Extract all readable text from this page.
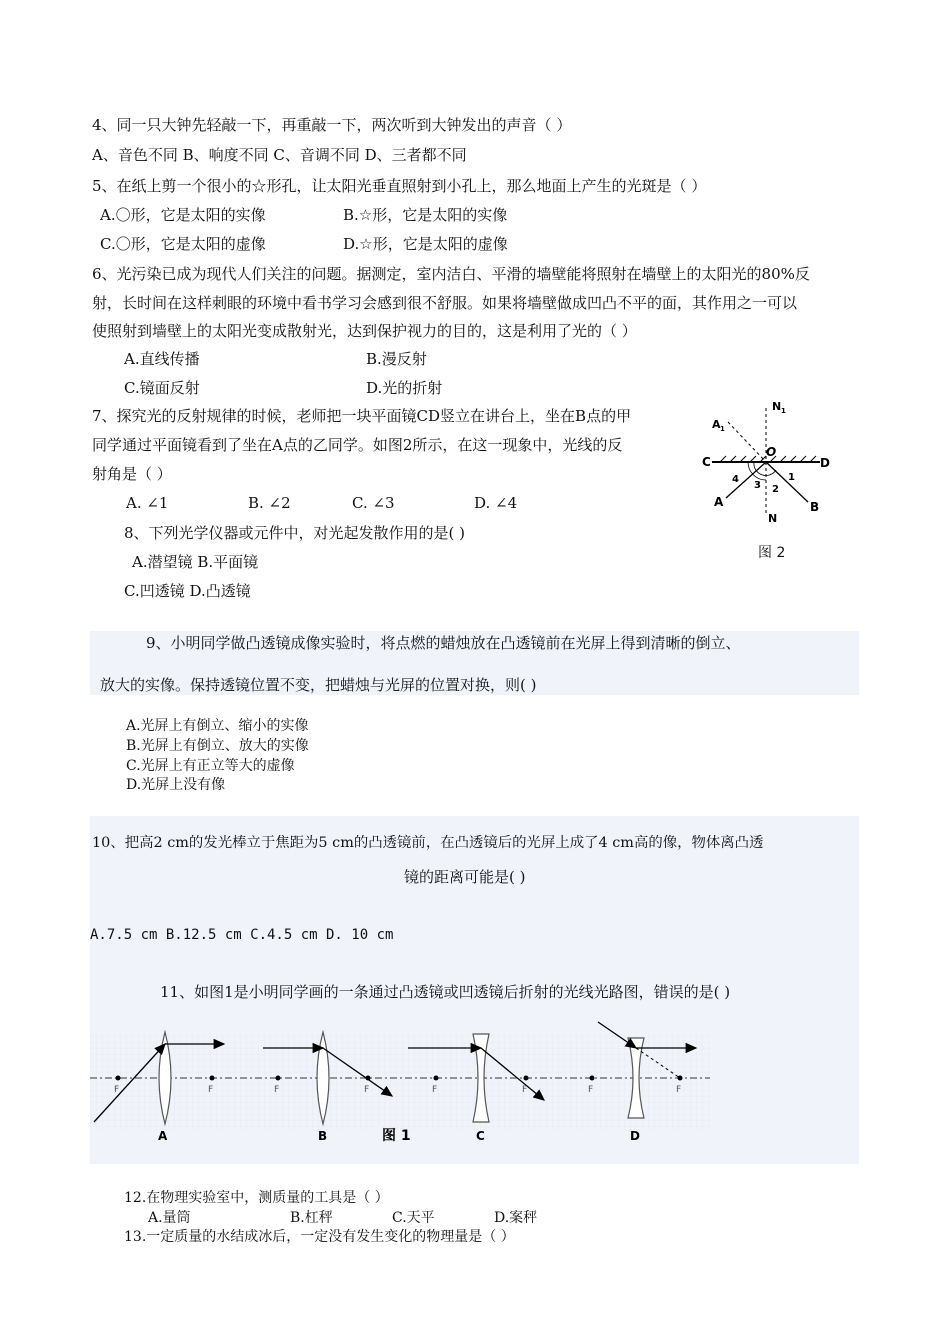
4、同一只大钟先轻敲一下，再重敲一下，两次听到大钟发出的声音（ ）
A、音色不同 B、响度不同 C、音调不同 D、三者都不同
5、在纸上剪一个很小的☆形孔，让太阳光垂直照射到小孔上，那么地面上产生的光斑是（ ）
A.〇形，它是太阳的实像	B.☆形，它是太阳的实像
C.〇形，它是太阳的虚像	D.☆形，它是太阳的虚像
6、光污染已成为现代人们关注的问题。据测定，室内洁白、平滑的墙壁能将照射在墙壁上的太阳光的80%反
射，长时间在这样刺眼的环境中看书学习会感到很不舒服。如果将墙壁做成凹凸不平的面，其作用之一可以
使照射到墙壁上的太阳光变成散射光，达到保护视力的目的，这是利用了光的（ ）
A.直线传播	B.漫反射
C.镜面反射	D.光的折射
7、探究光的反射规律的时候，老师把一块平面镜CD竖立在讲台上，坐在B点的甲
同学通过平面镜看到了坐在A点的乙同学。如图2所示，在这一现象中，光线的反
射角是（ ）
A. ∠1	B. ∠2	C. ∠3	D. ∠4
N 1
A 1
C
O
D
A	B
N
1
2
3
4
图 2
8、下列光学仪器或元件中，对光起发散作用的是( )
A.潜望镜 B.平面镜
C.凹透镜 D.凸透镜
9、小明同学做凸透镜成像实验时，将点燃的蜡烛放在凸透镜前在光屏上得到清晰的倒立、
放大的实像。保持透镜位置不变，把蜡烛与光屏的位置对换，则( )
A.光屏上有倒立、缩小的实像
B.光屏上有倒立、放大的实像
C.光屏上有正立等大的虚像
D.光屏上没有像
10、把高2 cm的发光棒立于焦距为5 cm的凸透镜前，在凸透镜后的光屏上成了4 cm高的像，物体离凸透
镜的距离可能是( )
A.7.5 cm B.12.5 cm C.4.5 cm D. 10 cm
11、如图1是小明同学画的一条通过凸透镜或凹透镜后折射的光线光路图，错误的是( )
F	F
A
F	F
B	图 1
F	F
C
F	F
D
12.在物理实验室中，测质量的工具是（ ）
A.量筒	B.杠秤	C.天平	D.案秤
13.一定质量的水结成冰后，一定没有发生变化的物理量是（ ）
